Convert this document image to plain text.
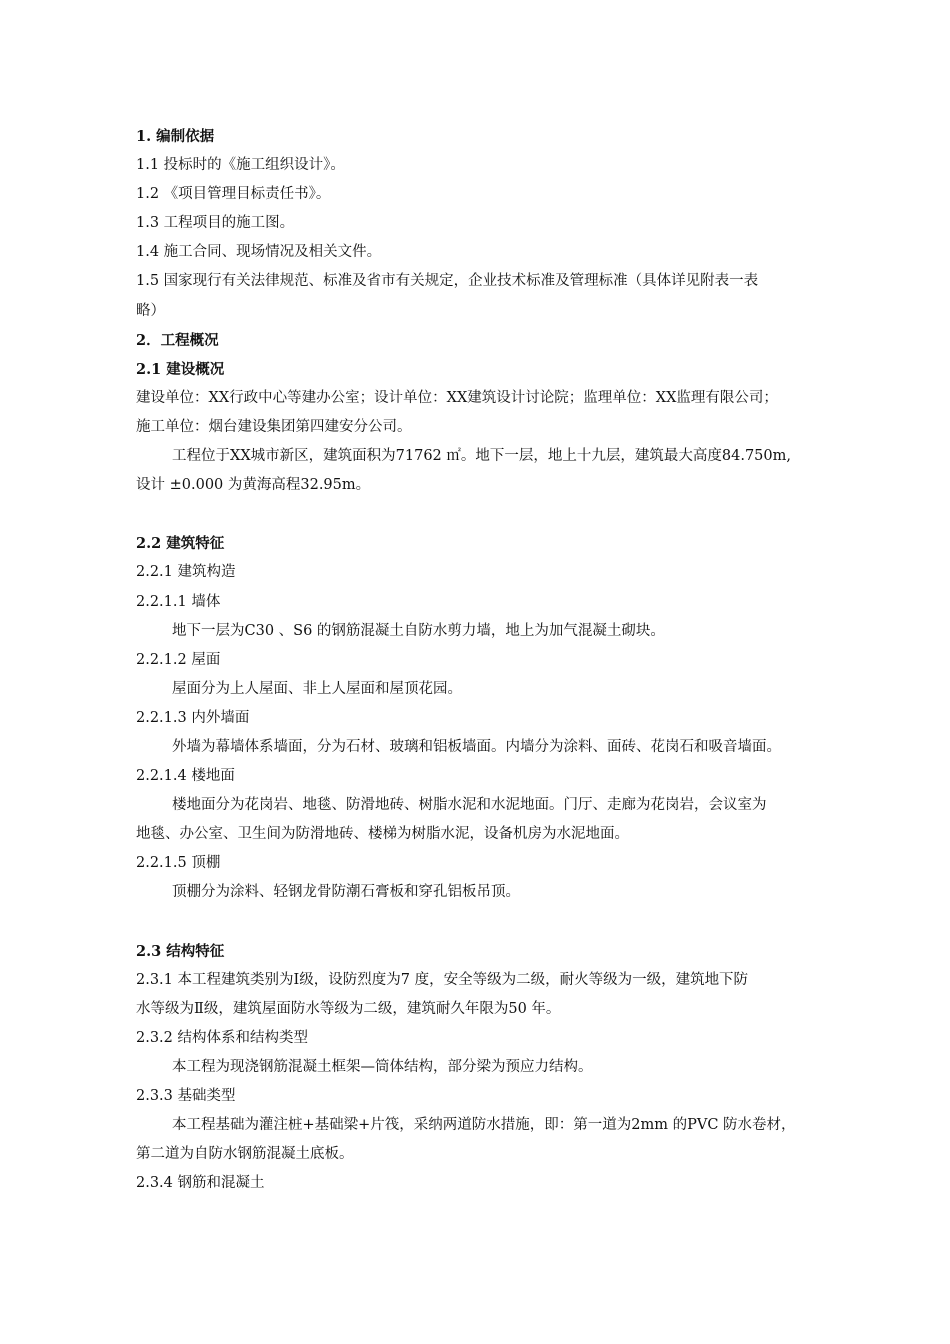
1. 编制依据
1.1 投标时的《施工组织设计》。
1.2 《项目管理目标责任书》。
1.3 工程项目的施工图。
1.4 施工合同、现场情况及相关文件。
1.5 国家现行有关法律规范、标准及省市有关规定，企业技术标准及管理标准（具体详见附表一表
略）
2．工程概况
2.1 建设概况
建设单位：XX行政中心等建办公室；设计单位：XX建筑设计讨论院；监理单位：XX监理有限公司；
施工单位：烟台建设集团第四建安分公司。
工程位于XX城市新区，建筑面积为71762 ㎡。地下一层，地上十九层，建筑最大高度84.750m,
设计 ±0.000 为黄海高程32.95m。
2.2 建筑特征
2.2.1 建筑构造
2.2.1.1 墙体
地下一层为C30 、S6 的钢筋混凝土自防水剪力墙，地上为加气混凝土砌块。
2.2.1.2 屋面
屋面分为上人屋面、非上人屋面和屋顶花园。
2.2.1.3 内外墙面
外墙为幕墙体系墙面，分为石材、玻璃和铝板墙面。内墙分为涂料、面砖、花岗石和吸音墙面。
2.2.1.4 楼地面
楼地面分为花岗岩、地毯、防滑地砖、树脂水泥和水泥地面。门厅、走廊为花岗岩，会议室为
地毯、办公室、卫生间为防滑地砖、楼梯为树脂水泥，设备机房为水泥地面。
2.2.1.5 顶棚
顶棚分为涂料、轻钢龙骨防潮石膏板和穿孔铝板吊顶。
2.3 结构特征
2.3.1 本工程建筑类别为Ⅰ级，设防烈度为7 度，安全等级为二级，耐火等级为一级，建筑地下防
水等级为Ⅱ级，建筑屋面防水等级为二级，建筑耐久年限为50 年。
2.3.2 结构体系和结构类型
本工程为现浇钢筋混凝土框架—筒体结构，部分梁为预应力结构。
2.3.3 基础类型
本工程基础为灌注桩+基础梁+片筏，采纳两道防水措施，即：第一道为2mm 的PVC 防水卷材，
第二道为自防水钢筋混凝土底板。
2.3.4 钢筋和混凝土
